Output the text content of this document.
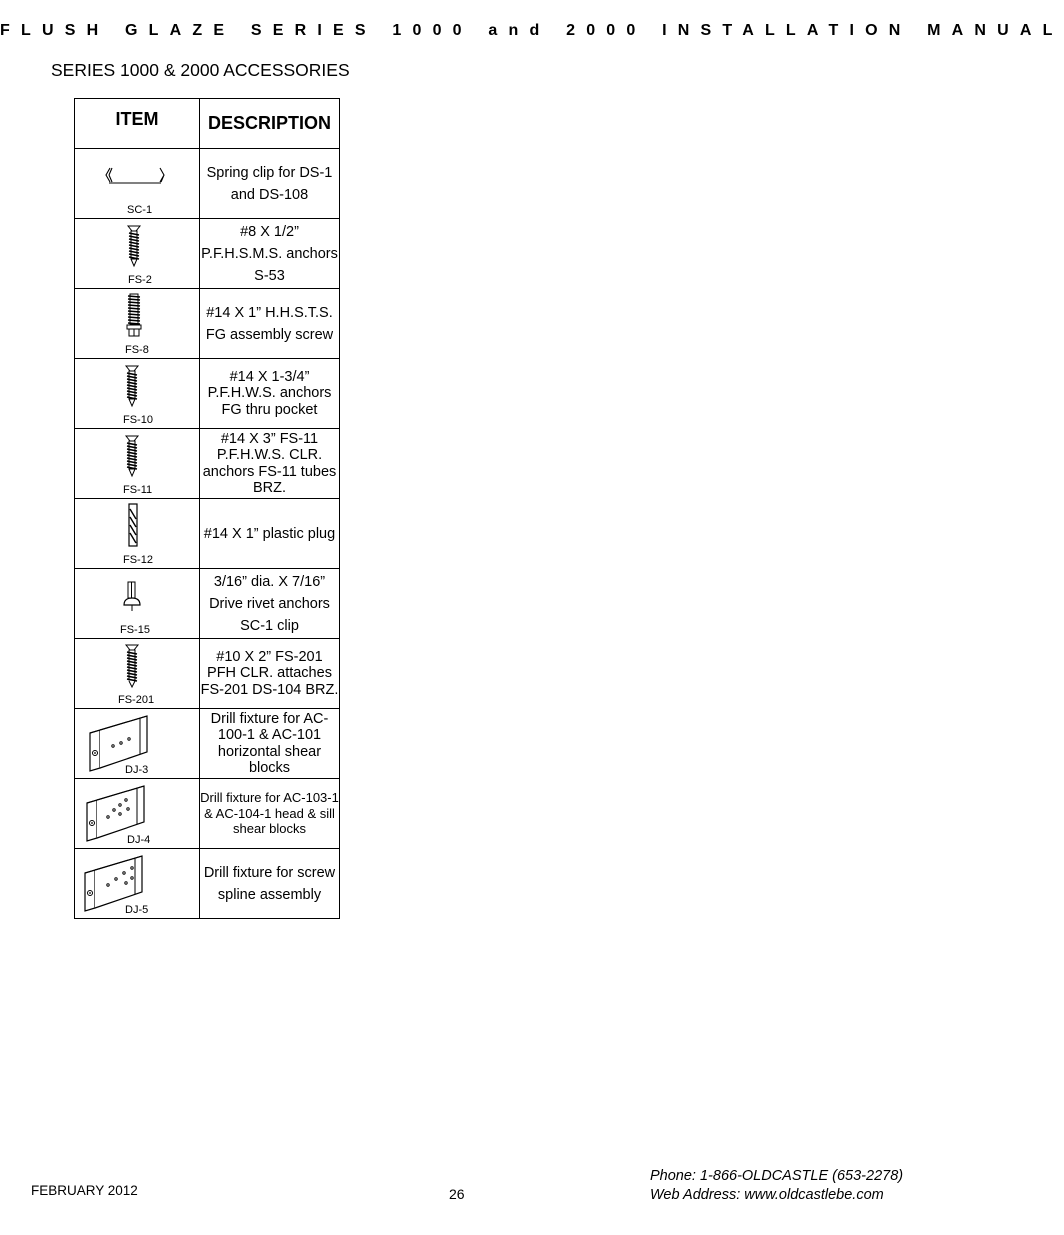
FLUSH GLAZE SERIES 1000 and 2000 INSTALLATION MANUAL
SERIES 1000 & 2000 ACCESSORIES
ITEM	DESCRIPTION

SC-1	Spring clip for DS-1 and DS-108

FS-2	#8 X 1/2” P.F.H.S.M.S. anchors S-53

FS-8	#14 X 1” H.H.S.T.S. FG assembly screw

FS-10	#14 X 1-3/4” P.F.H.W.S. anchors FG thru pocket

FS-11	#14 X 3” FS-11 P.F.H.W.S. CLR. anchors FS-11 tubes BRZ.

FS-12	#14 X 1” plastic plug

FS-15	3/16” dia. X 7/16” Drive rivet anchors SC-1 clip

FS-201	#10 X 2” FS-201 PFH CLR. attaches FS-201 DS-104 BRZ.

DJ-3	Drill fixture for AC-100-1 & AC-101 horizontal shear blocks

DJ-4	Drill fixture for AC-103-1 & AC-104-1 head & sill shear blocks

DJ-5	Drill fixture for screw spline assembly
FEBRUARY 2012	26
Phone: 1-866-OLDCASTLE (653-2278)
Web Address: www.oldcastlebe.com
